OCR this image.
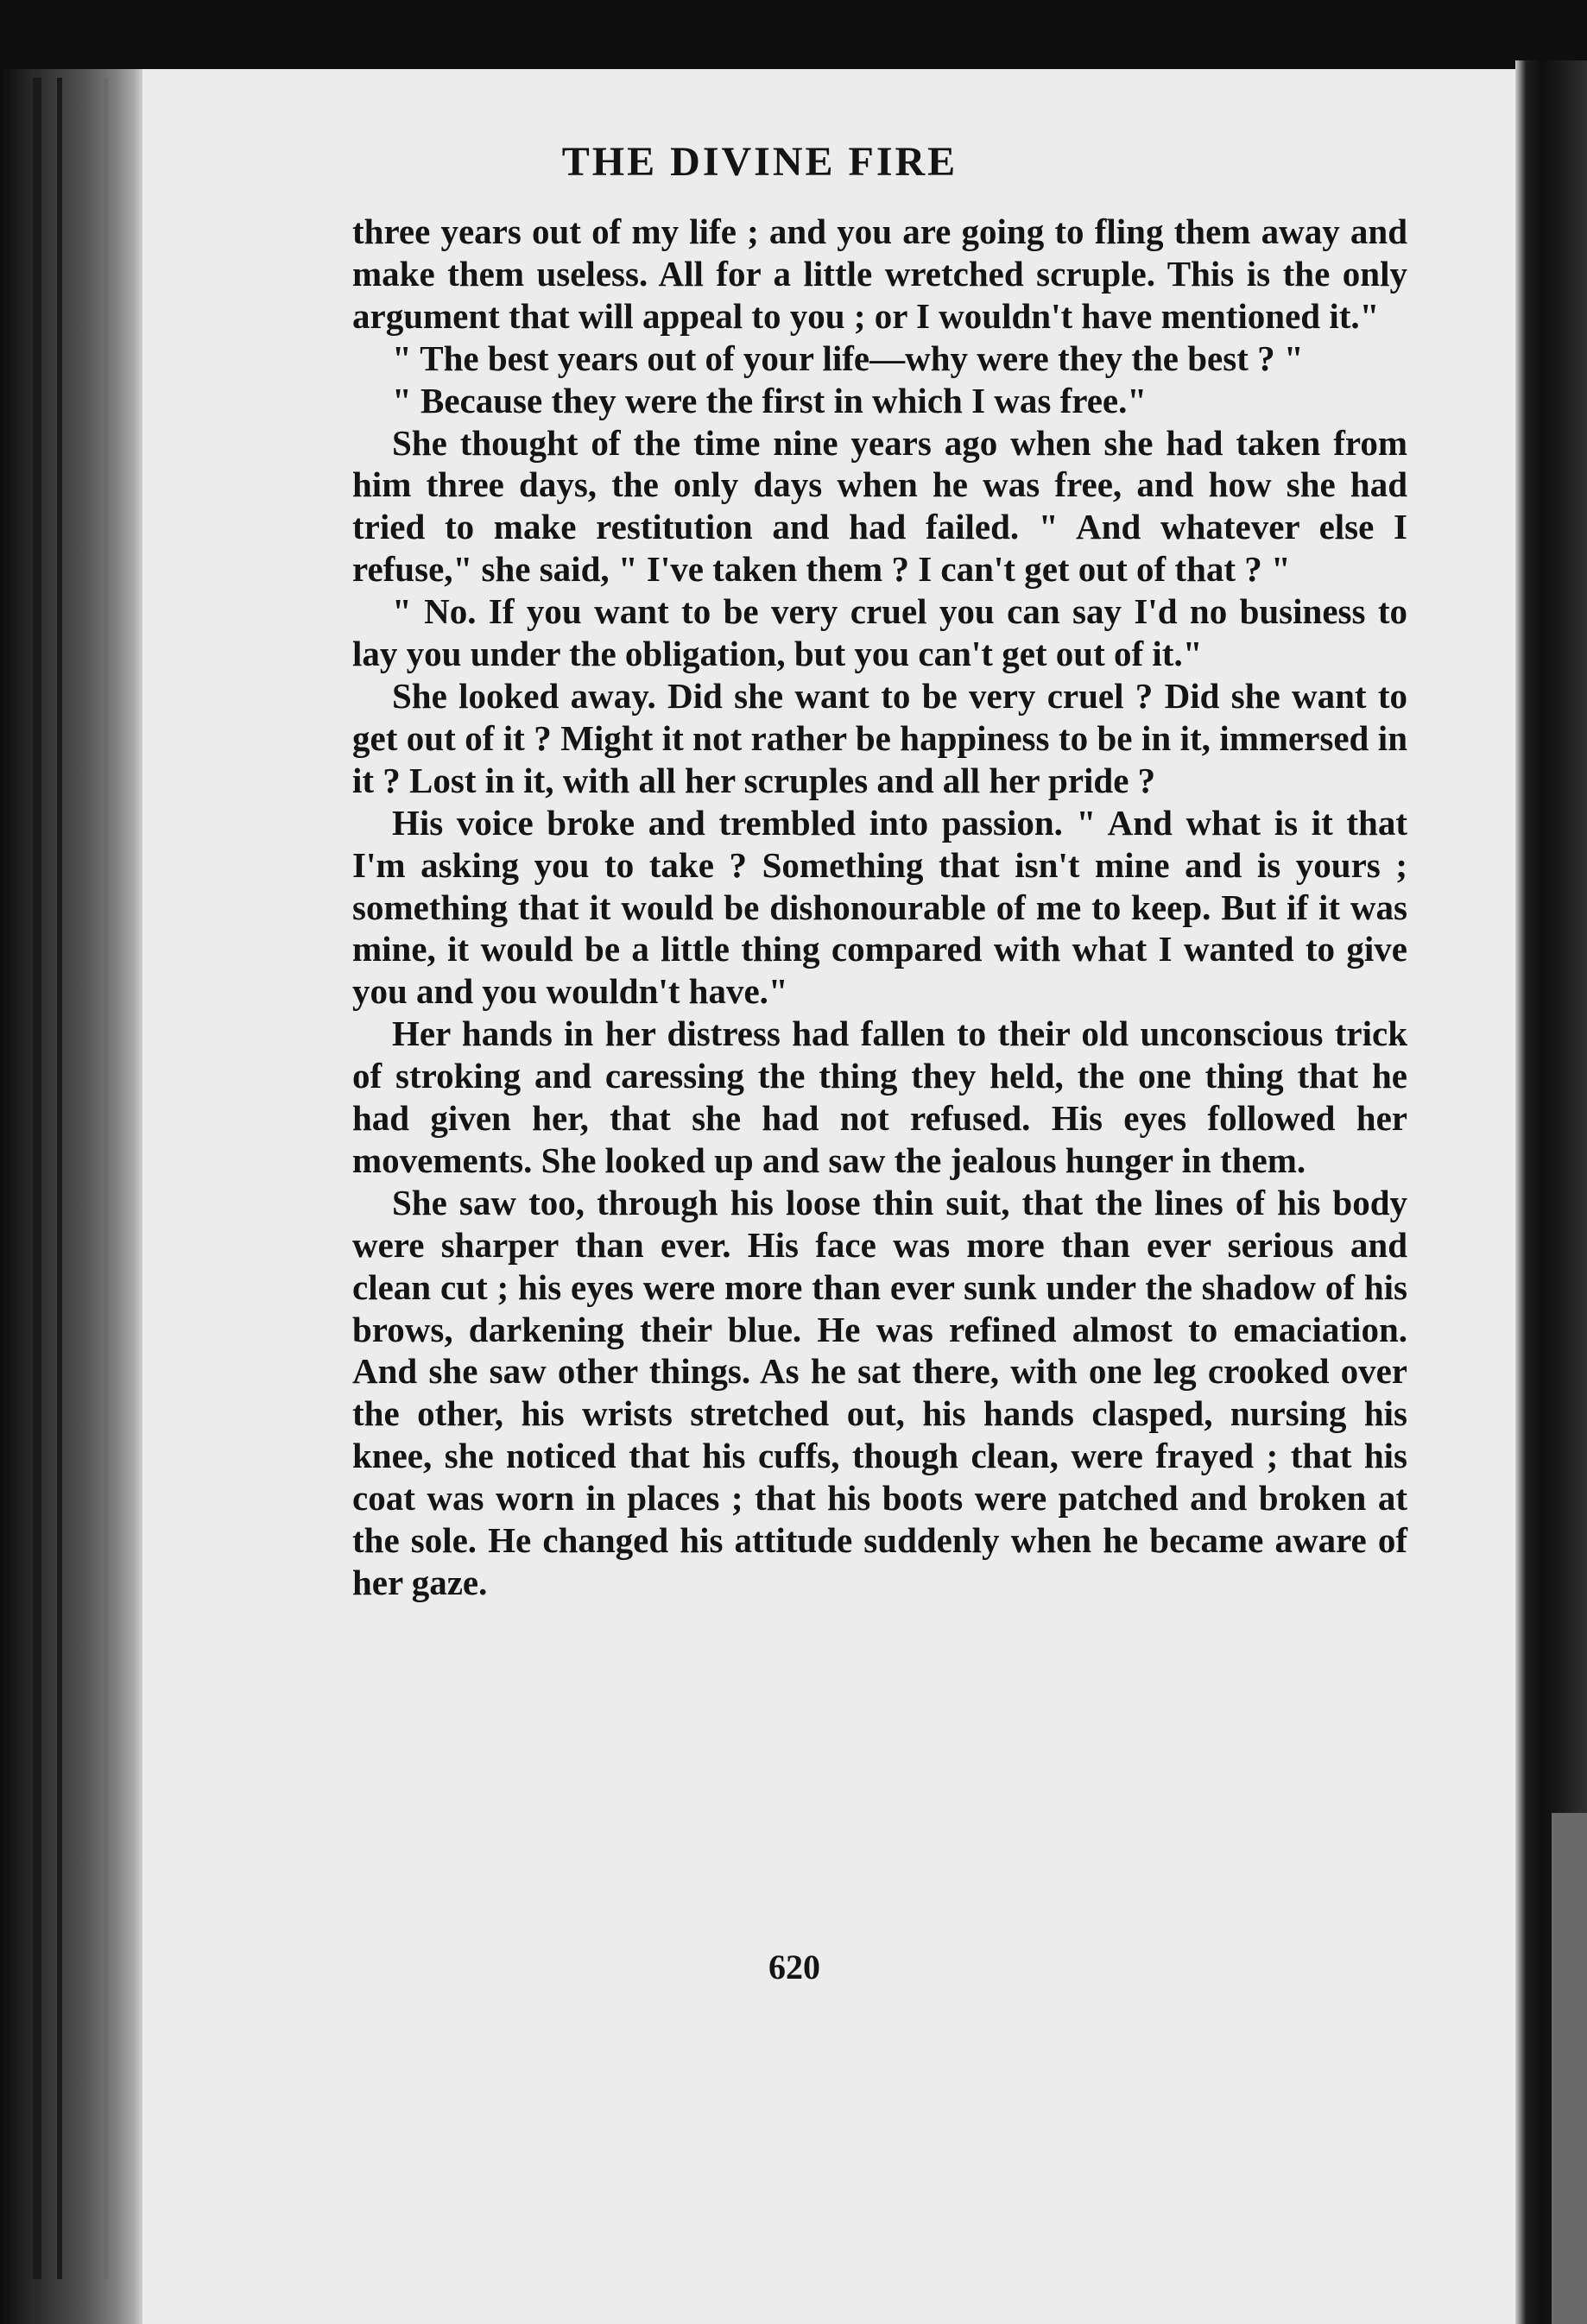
THE DIVINE FIRE

three years out of my life ; and you are going to fling them away and make them useless. All for a little wretched scruple. This is the only argument that will appeal to you ; or I wouldn't have mentioned it."

" The best years out of your life—why were they the best ? "

" Because they were the first in which I was free."

She thought of the time nine years ago when she had taken from him three days, the only days when he was free, and how she had tried to make restitution and had failed. " And whatever else I refuse," she said, " I've taken them ? I can't get out of that ? "

" No. If you want to be very cruel you can say I'd no business to lay you under the obligation, but you can't get out of it."

She looked away. Did she want to be very cruel ? Did she want to get out of it ? Might it not rather be happiness to be in it, immersed in it ? Lost in it, with all her scruples and all her pride ?

His voice broke and trembled into passion. " And what is it that I'm asking you to take ? Something that isn't mine and is yours ; something that it would be dishonourable of me to keep. But if it was mine, it would be a little thing compared with what I wanted to give you and you wouldn't have."

Her hands in her distress had fallen to their old unconscious trick of stroking and caressing the thing they held, the one thing that he had given her, that she had not refused. His eyes followed her movements. She looked up and saw the jealous hunger in them.

She saw too, through his loose thin suit, that the lines of his body were sharper than ever. His face was more than ever serious and clean cut ; his eyes were more than ever sunk under the shadow of his brows, darkening their blue. He was refined almost to emaciation. And she saw other things. As he sat there, with one leg crooked over the other, his wrists stretched out, his hands clasped, nursing his knee, she noticed that his cuffs, though clean, were frayed ; that his coat was worn in places ; that his boots were patched and broken at the sole. He changed his attitude suddenly when he became aware of her gaze.

620
